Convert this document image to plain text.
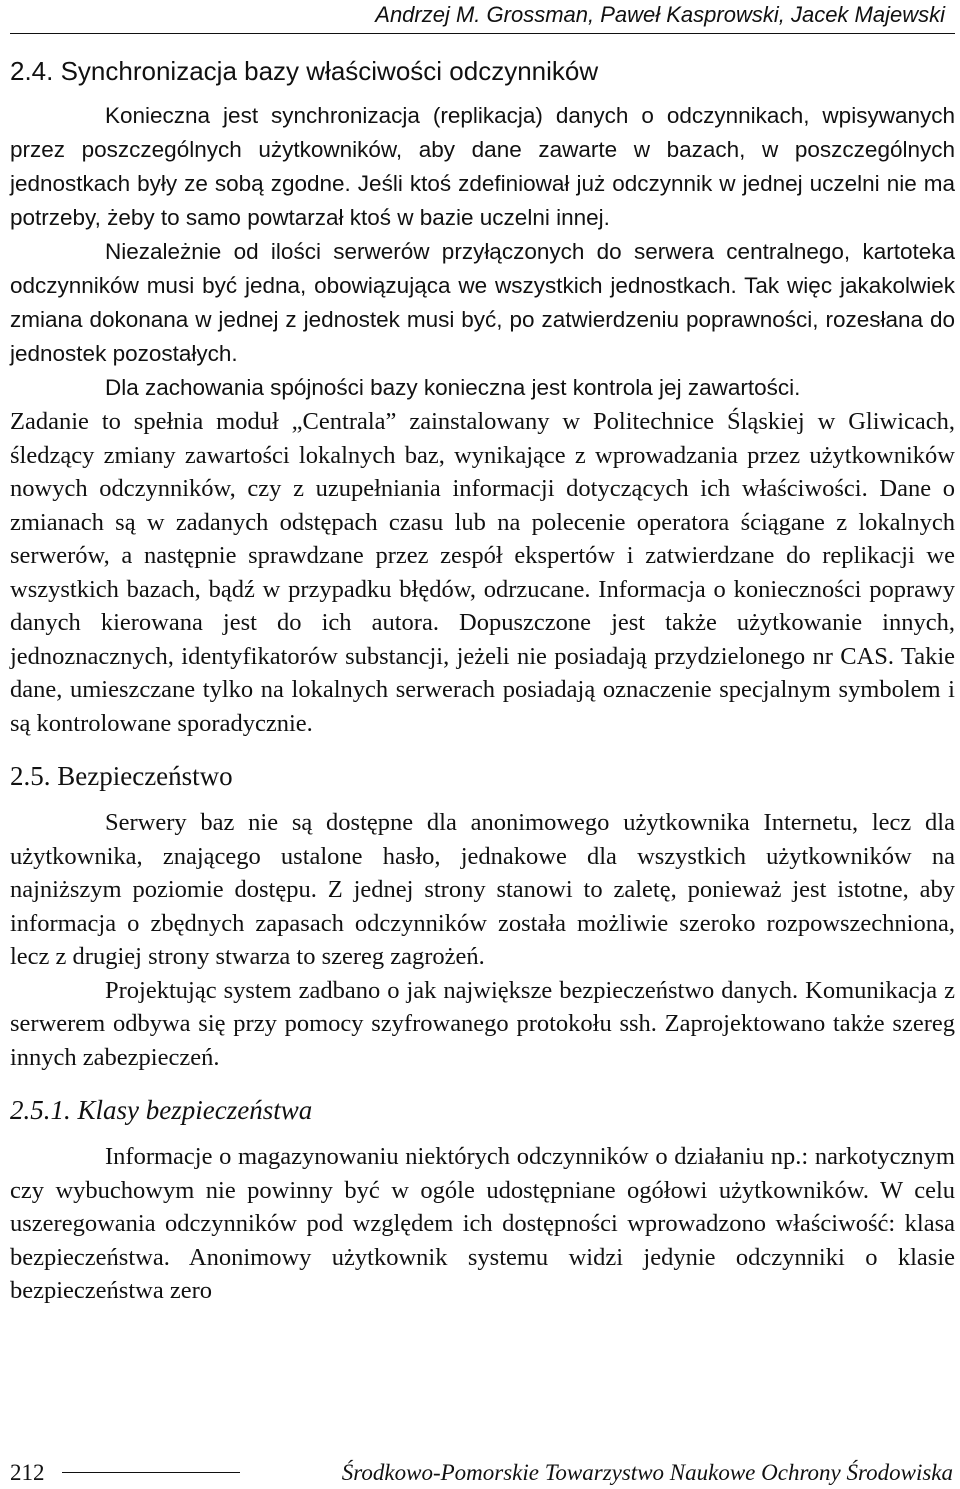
Andrzej M. Grossman, Paweł Kasprowski, Jacek Majewski
2.4. Synchronizacja bazy właściwości odczynników

Konieczna jest synchronizacja (replikacja) danych o odczynnikach, wpisywanych przez poszczególnych użytkowników, aby dane zawarte w bazach, w poszczególnych jednostkach były ze sobą zgodne. Jeśli ktoś zdefiniował już odczynnik w jednej uczelni nie ma potrzeby, żeby to samo powtarzał ktoś w bazie uczelni innej.

Niezależnie od ilości serwerów przyłączonych do serwera centralnego, kartoteka odczynników musi być jedna, obowiązująca we wszystkich jednostkach. Tak więc jakakolwiek zmiana dokonana w jednej z jednostek musi być, po zatwierdzeniu poprawności, rozesłana do jednostek pozostałych.

Dla zachowania spójności bazy konieczna jest kontrola jej zawartości.

Zadanie to spełnia moduł „Centrala” zainstalowany w Politechnice Śląskiej w Gliwicach, śledzący zmiany zawartości lokalnych baz, wynikające z wprowadzania przez użytkowników nowych odczynników, czy z uzupełniania informacji dotyczących ich właściwości. Dane o zmianach są w zadanych odstępach czasu lub na polecenie operatora ściągane z lokalnych serwerów, a następnie sprawdzane przez zespół ekspertów i zatwierdzane do replikacji we wszystkich bazach, bądź w przypadku błędów, odrzucane. Informacja o konieczności poprawy danych kierowana jest do ich autora. Dopuszczone jest także użytkowanie innych, jednoznacznych, identyfikatorów substancji, jeżeli nie posiadają przydzielonego nr CAS. Takie dane, umieszczane tylko na lokalnych serwerach posiadają oznaczenie specjalnym symbolem i są kontrolowane sporadycznie.

2.5. Bezpieczeństwo

Serwery baz nie są dostępne dla anonimowego użytkownika Internetu, lecz dla użytkownika, znającego ustalone hasło, jednakowe dla wszystkich użytkowników na najniższym poziomie dostępu. Z jednej strony stanowi to zaletę, ponieważ jest istotne, aby informacja o zbędnych zapasach odczynników została możliwie szeroko rozpowszechniona, lecz z drugiej strony stwarza to szereg zagrożeń.

Projektując system zadbano o jak największe bezpieczeństwo danych. Komunikacja z serwerem odbywa się przy pomocy szyfrowanego protokołu ssh. Zaprojektowano także szereg innych zabezpieczeń.

2.5.1. Klasy bezpieczeństwa

Informacje o magazynowaniu niektórych odczynników o działaniu np.: narkotycznym czy wybuchowym nie powinny być w ogóle udostępniane ogółowi użytkowników. W celu uszeregowania odczynników pod względem ich dostępności wprowadzono właściwość: klasa bezpieczeństwa. Anonimowy użytkownik systemu widzi jedynie odczynniki o klasie bezpieczeństwa zero

212	Środkowo-Pomorskie Towarzystwo Naukowe Ochrony Środowiska
